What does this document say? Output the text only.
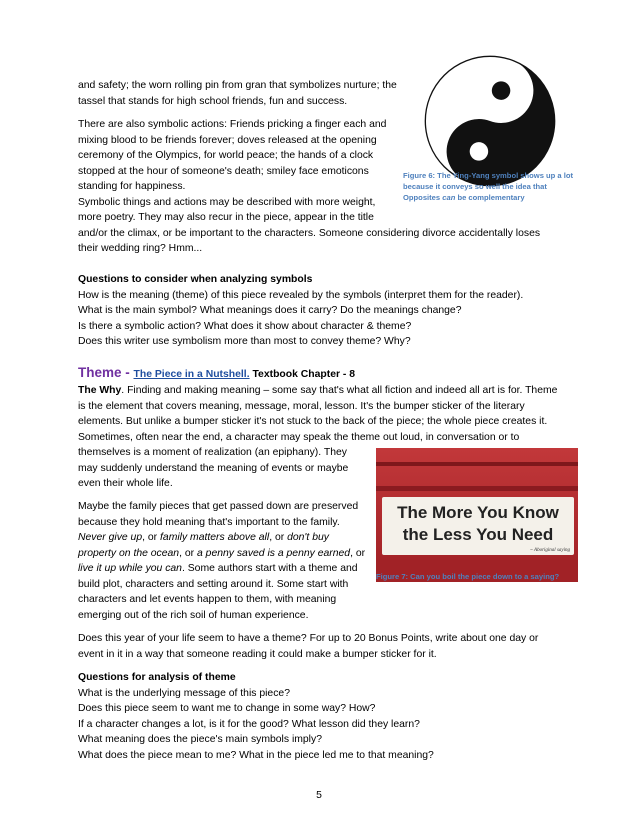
and safety; the worn rolling pin from gran that symbolizes nurture; the

tassel that stands for high school friends, fun and success.

There are also symbolic actions: Friends pricking a finger each and

mixing blood to be friends forever; doves released at the opening

ceremony of the Olympics, for world peace; the hands of a clock

stopped at the hour of someone's death; smiley face emoticons

standing for happiness.

Symbolic things and actions may be described with more weight,

more poetry. They may also recur in the piece, appear in the title

and/or the climax, or be important to the characters. Someone considering divorce accidentally loses

their wedding ring? Hmm...

Figure 6: The Ying-Yang symbol shows up a lot
because it conveys so well the idea that
Opposites can be complementary

Questions to consider when analyzing symbols

How is the meaning (theme) of this piece revealed by the symbols (interpret them for the reader).

What is the main symbol? What meanings does it carry? Do the meanings change?

Is there a symbolic action? What does it show about character & theme?

Does this writer use symbolism more than most to convey theme? Why?

Theme - The Piece in a Nutshell. Textbook Chapter - 8

The Why. Finding and making meaning – some say that's what all fiction and indeed all art is for. Theme

is the element that covers meaning, message, moral, lesson. It's the bumper sticker of the literary

elements. But unlike a bumper sticker it's not stuck to the back of the piece; the whole piece creates it.

Sometimes, often near the end, a character may speak the theme out loud, in conversation or to

themselves is a moment of realization (an epiphany). They

may suddenly understand the meaning of events or maybe

even their whole life.

Maybe the family pieces that get passed down are preserved

because they hold meaning that's important to the family.

Never give up, or family matters above all, or don't buy

property on the ocean, or a penny saved is a penny earned, or

live it up while you can. Some authors start with a theme and

build plot, characters and setting around it. Some start with

characters and let events happen to them, with meaning

emerging out of the rich soil of human experience.

The More You Know
the Less You Need
~ Aboriginal saying
Figure 7: Can you boil the piece down to a saying?

Does this year of your life seem to have a theme? For up to 20 Bonus Points, write about one day or

event in it in a way that someone reading it could make a bumper sticker for it.

Questions for analysis of theme

What is the underlying message of this piece?

Does this piece seem to want me to change in some way? How?

If a character changes a lot, is it for the good? What lesson did they learn?

What meaning does the piece's main symbols imply?

What does the piece mean to me? What in the piece led me to that meaning?

5
